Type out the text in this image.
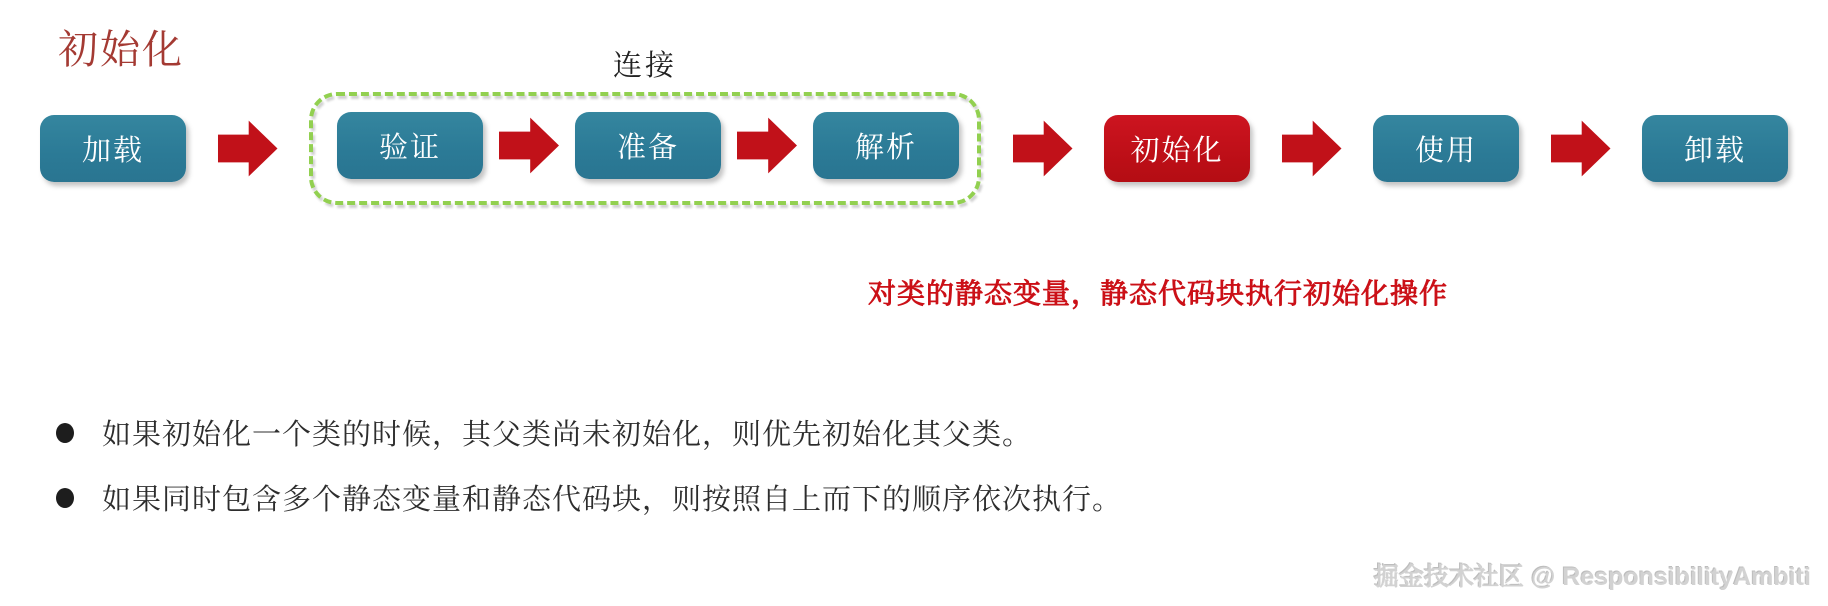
初始化
加载
连接
验证	准备	解析	初始化	使用	卸载
对类的静态变量，静态代码块执行初始化操作
如果初始化一个类的时候，其父类尚未初始化，则优先初始化其父类。
如果同时包含多个静态变量和静态代码块，则按照自上而下的顺序依次执行。
掘金技术社区 @ ResponsibilityAmbiti
